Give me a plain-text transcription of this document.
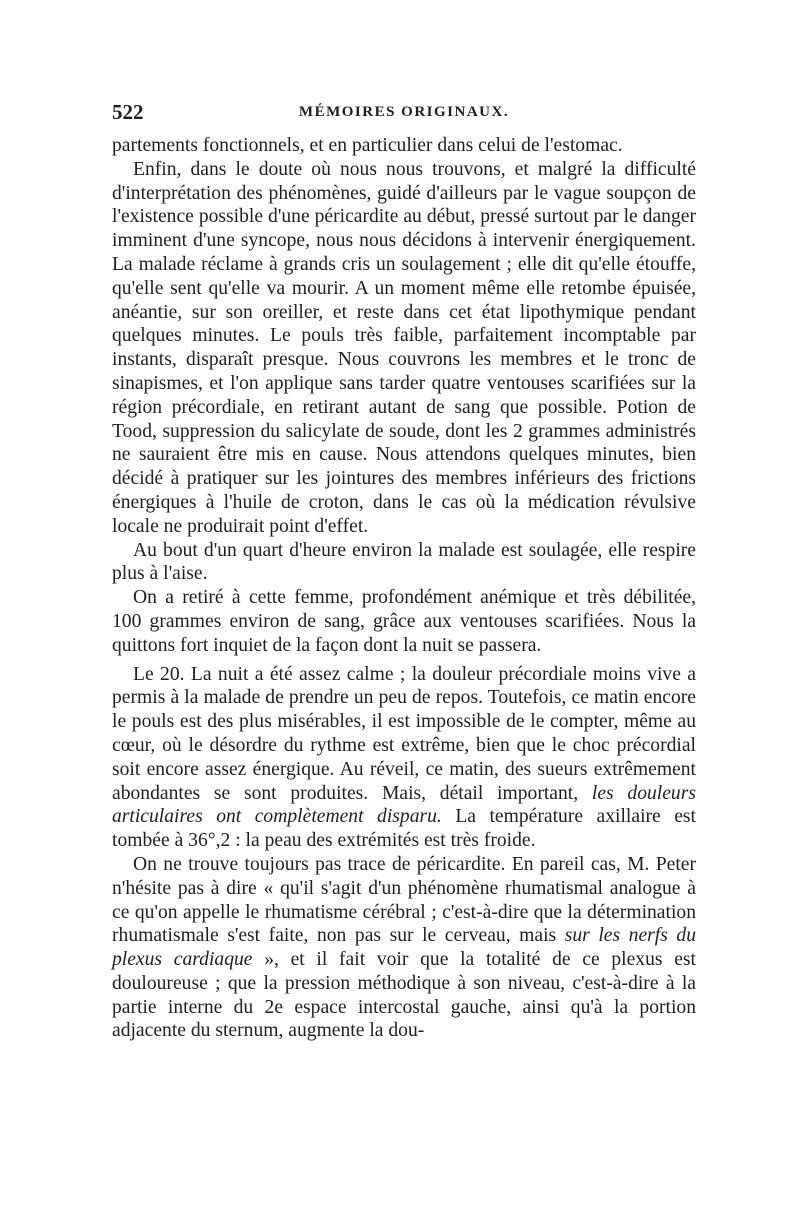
522	MÉMOIRES ORIGINAUX.

partements fonctionnels, et en particulier dans celui de l'estomac.

Enfin, dans le doute où nous nous trouvons, et malgré la difficulté d'interprétation des phénomènes, guidé d'ailleurs par le vague soupçon de l'existence possible d'une péricardite au début, pressé surtout par le danger imminent d'une syncope, nous nous décidons à intervenir énergiquement. La malade réclame à grands cris un soulagement ; elle dit qu'elle étouffe, qu'elle sent qu'elle va mourir. A un moment même elle retombe épuisée, anéantie, sur son oreiller, et reste dans cet état lipothymique pendant quelques minutes. Le pouls très faible, parfaitement incomptable par instants, disparaît presque. Nous couvrons les membres et le tronc de sinapismes, et l'on applique sans tarder quatre ventouses scarifiées sur la région précordiale, en retirant autant de sang que possible. Potion de Tood, suppression du salicylate de soude, dont les 2 grammes administrés ne sauraient être mis en cause. Nous attendons quelques minutes, bien décidé à pratiquer sur les jointures des membres inférieurs des frictions énergiques à l'huile de croton, dans le cas où la médication révulsive locale ne produirait point d'effet.

Au bout d'un quart d'heure environ la malade est soulagée, elle respire plus à l'aise.

On a retiré à cette femme, profondément anémique et très débilitée, 100 grammes environ de sang, grâce aux ventouses scarifiées. Nous la quittons fort inquiet de la façon dont la nuit se passera.

Le 20. La nuit a été assez calme ; la douleur précordiale moins vive a permis à la malade de prendre un peu de repos. Toutefois, ce matin encore le pouls est des plus misérables, il est impossible de le compter, même au cœur, où le désordre du rythme est extrême, bien que le choc précordial soit encore assez énergique. Au réveil, ce matin, des sueurs extrêmement abondantes se sont produites. Mais, détail important, les douleurs articulaires ont complètement disparu. La température axillaire est tombée à 36°,2 : la peau des extrémités est très froide.

On ne trouve toujours pas trace de péricardite. En pareil cas, M. Peter n'hésite pas à dire « qu'il s'agit d'un phénomène rhumatismal analogue à ce qu'on appelle le rhumatisme cérébral ; c'est-à-dire que la détermination rhumatismale s'est faite, non pas sur le cerveau, mais sur les nerfs du plexus cardiaque », et il fait voir que la totalité de ce plexus est douloureuse ; que la pression méthodique à son niveau, c'est-à-dire à la partie interne du 2e espace intercostal gauche, ainsi qu'à la portion adjacente du sternum, augmente la dou-
